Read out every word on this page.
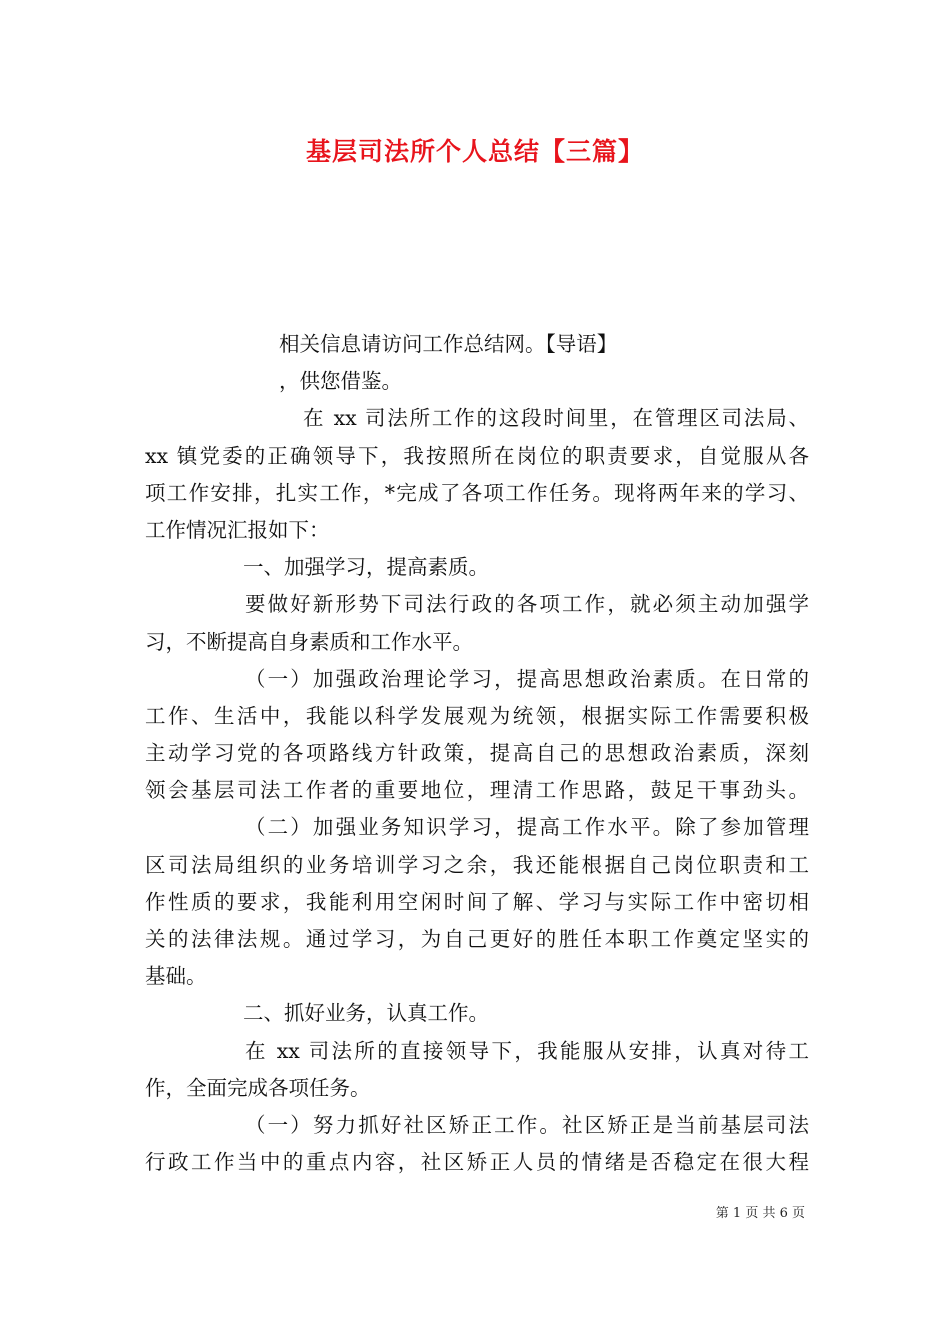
基层司法所个人总结【三篇】
相关信息请访问工作总结网。【导语】
，供您借鉴。
在 xx 司法所工作的这段时间里，在管理区司法局、
xx 镇党委的正确领导下，我按照所在岗位的职责要求，自觉服从各
项工作安排，扎实工作，*完成了各项工作任务。现将两年来的学习、
工作情况汇报如下：
一、加强学习，提高素质。
要做好新形势下司法行政的各项工作，就必须主动加强学
习，不断提高自身素质和工作水平。
（一）加强政治理论学习，提高思想政治素质。在日常的
工作、生活中，我能以科学发展观为统领，根据实际工作需要积极
主动学习党的各项路线方针政策，提高自己的思想政治素质，深刻
领会基层司法工作者的重要地位，理清工作思路，鼓足干事劲头。
（二）加强业务知识学习，提高工作水平。除了参加管理
区司法局组织的业务培训学习之余，我还能根据自己岗位职责和工
作性质的要求，我能利用空闲时间了解、学习与实际工作中密切相
关的法律法规。通过学习，为自己更好的胜任本职工作奠定坚实的
基础。
二、抓好业务，认真工作。
在 xx 司法所的直接领导下，我能服从安排，认真对待工
作，全面完成各项任务。
（一）努力抓好社区矫正工作。社区矫正是当前基层司法
行政工作当中的重点内容，社区矫正人员的情绪是否稳定在很大程
第 1 页 共 6 页
